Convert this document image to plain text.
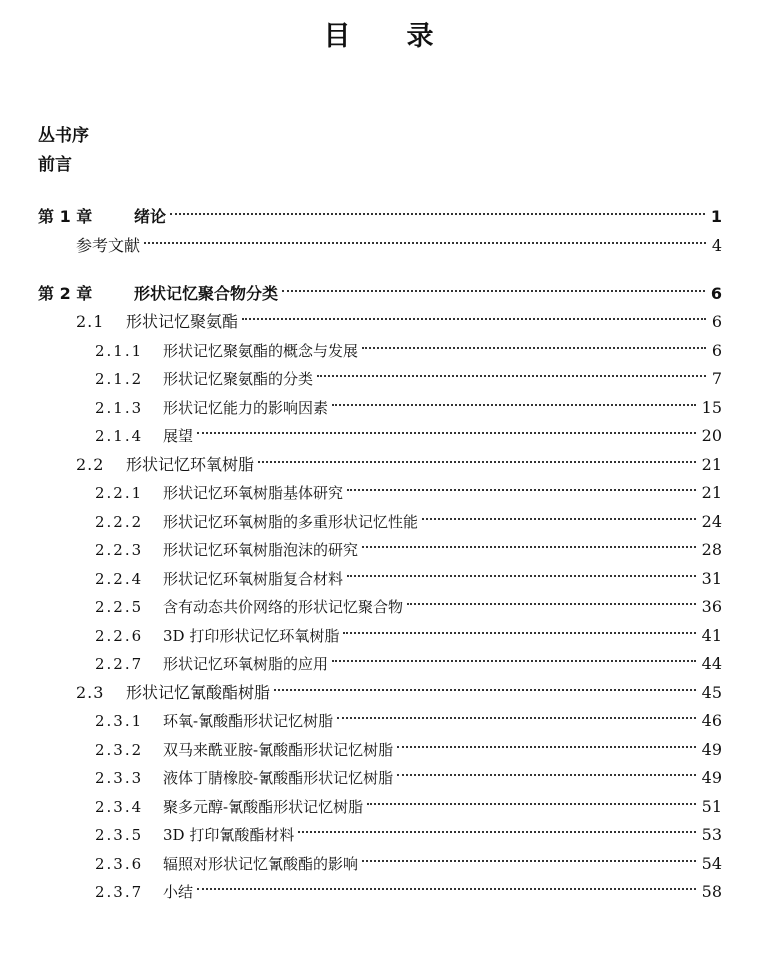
目 录
丛书序
前言
第 1 章	绪论	1
参考文献	4
第 2 章	形状记忆聚合物分类	6
2.1	形状记忆聚氨酯	6
2.1.1	形状记忆聚氨酯的概念与发展	6
2.1.2	形状记忆聚氨酯的分类	7
2.1.3	形状记忆能力的影响因素	15
2.1.4	展望	20
2.2	形状记忆环氧树脂	21
2.2.1	形状记忆环氧树脂基体研究	21
2.2.2	形状记忆环氧树脂的多重形状记忆性能	24
2.2.3	形状记忆环氧树脂泡沫的研究	28
2.2.4	形状记忆环氧树脂复合材料	31
2.2.5	含有动态共价网络的形状记忆聚合物	36
2.2.6	3D 打印形状记忆环氧树脂	41
2.2.7	形状记忆环氧树脂的应用	44
2.3	形状记忆氰酸酯树脂	45
2.3.1	环氧-氰酸酯形状记忆树脂	46
2.3.2	双马来酰亚胺-氰酸酯形状记忆树脂	49
2.3.3	液体丁腈橡胶-氰酸酯形状记忆树脂	49
2.3.4	聚多元醇-氰酸酯形状记忆树脂	51
2.3.5	3D 打印氰酸酯材料	53
2.3.6	辐照对形状记忆氰酸酯的影响	54
2.3.7	小结	58
